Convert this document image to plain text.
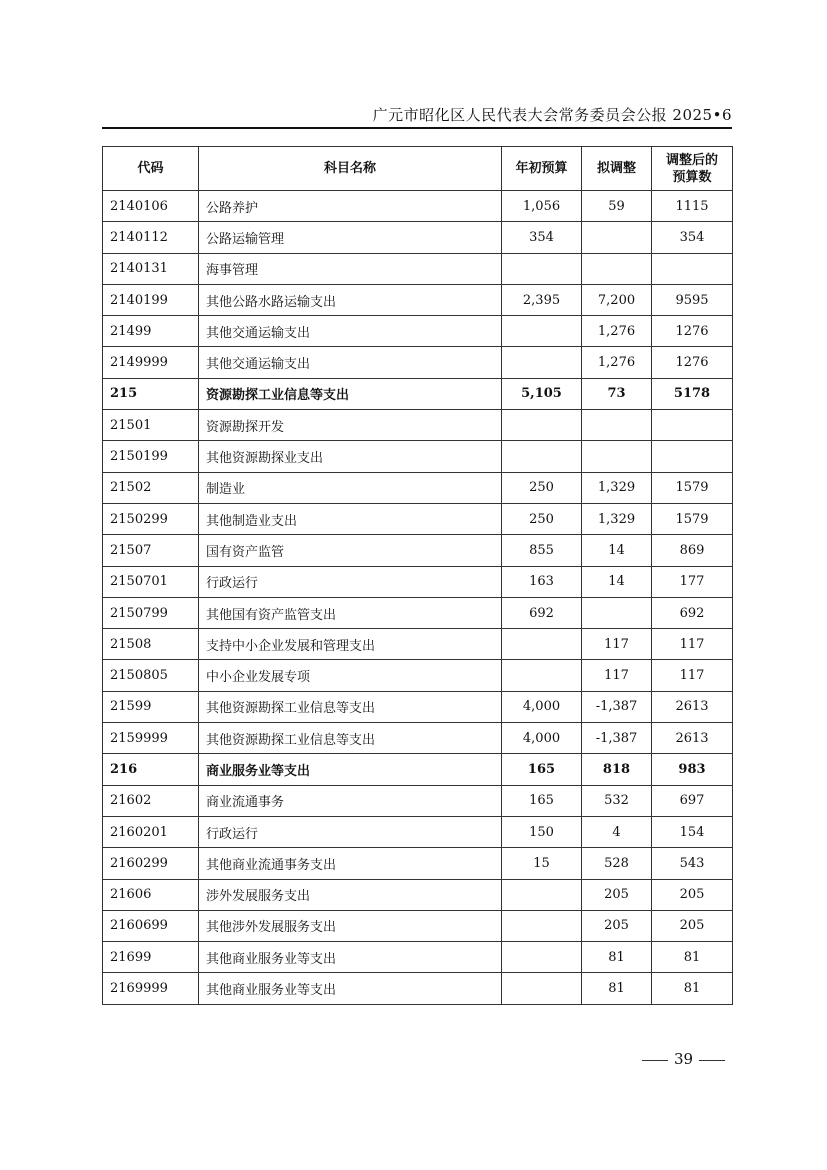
广元市昭化区人民代表大会常务委员会公报 2025•6
代码	科目名称	年初预算	拟调整	调整后的
预算数
2140106	公路养护	1,056	59	1115
2140112	公路运输管理	354		354
2140131	海事管理			
2140199	其他公路水路运输支出	2,395	7,200	9595
21499	其他交通运输支出		1,276	1276
2149999	其他交通运输支出		1,276	1276
215	资源勘探工业信息等支出	5,105	73	5178
21501	资源勘探开发			
2150199	其他资源勘探业支出			
21502	制造业	250	1,329	1579
2150299	其他制造业支出	250	1,329	1579
21507	国有资产监管	855	14	869
2150701	行政运行	163	14	177
2150799	其他国有资产监管支出	692		692
21508	支持中小企业发展和管理支出		117	117
2150805	中小企业发展专项		117	117
21599	其他资源勘探工业信息等支出	4,000	-1,387	2613
2159999	其他资源勘探工业信息等支出	4,000	-1,387	2613
216	商业服务业等支出	165	818	983
21602	商业流通事务	165	532	697
2160201	行政运行	150	4	154
2160299	其他商业流通事务支出	15	528	543
21606	涉外发展服务支出		205	205
2160699	其他涉外发展服务支出		205	205
21699	其他商业服务业等支出		81	81
2169999	其他商业服务业等支出		81	81
39
